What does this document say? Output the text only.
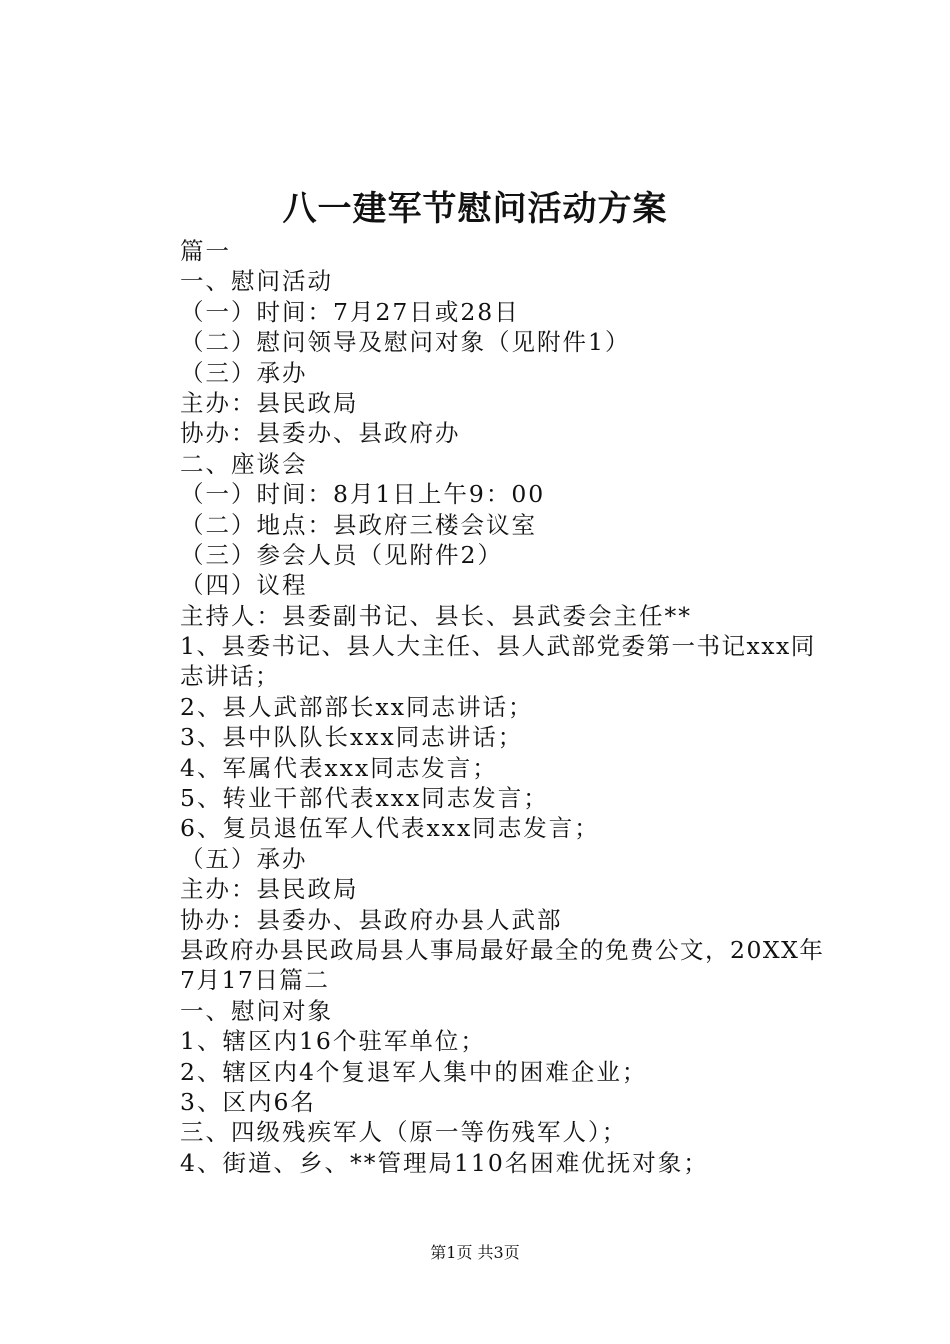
八一建军节慰问活动方案
篇一
一、慰问活动
（一）时间：7月27日或28日
（二）慰问领导及慰问对象（见附件1）
（三）承办
主办：县民政局
协办：县委办、县政府办
二、座谈会
（一）时间：8月1日上午9：00
（二）地点：县政府三楼会议室
（三）参会人员（见附件2）
（四）议程
主持人：县委副书记、县长、县武委会主任**
1、县委书记、县人大主任、县人武部党委第一书记xxx同志讲话；
2、县人武部部长xx同志讲话；
3、县中队队长xxx同志讲话；
4、军属代表xxx同志发言；
5、转业干部代表xxx同志发言；
6、复员退伍军人代表xxx同志发言；
（五）承办
主办：县民政局
协办：县委办、县政府办县人武部
县政府办县民政局县人事局最好最全的免费公文，20XX年7月17日篇二
一、慰问对象
1、辖区内16个驻军单位；
2、辖区内4个复退军人集中的困难企业；
3、区内6名
三、四级残疾军人（原一等伤残军人）；
4、街道、乡、**管理局110名困难优抚对象；
第1页 共3页
